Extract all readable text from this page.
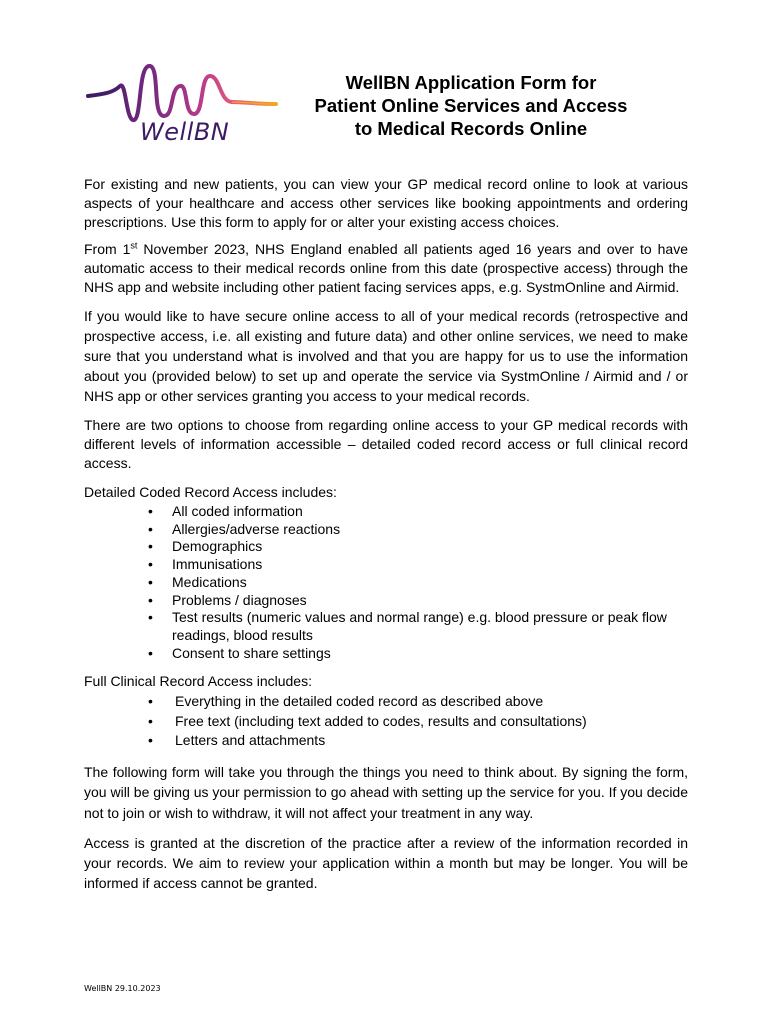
WellBN
WellBN Application Form for
Patient Online Services and Access
to Medical Records Online

For existing and new patients, you can view your GP medical record online to look at various aspects of your healthcare and access other services like booking appointments and ordering prescriptions. Use this form to apply for or alter your existing access choices.

From 1st November 2023, NHS England enabled all patients aged 16 years and over to have automatic access to their medical records online from this date (prospective access) through the NHS app and website including other patient facing services apps, e.g. SystmOnline and Airmid.

If you would like to have secure online access to all of your medical records (retrospective and prospective access, i.e. all existing and future data) and other online services, we need to make sure that you understand what is involved and that you are happy for us to use the information about you (provided below) to set up and operate the service via SystmOnline / Airmid and / or NHS app or other services granting you access to your medical records.

There are two options to choose from regarding online access to your GP medical records with different levels of information accessible – detailed coded record access or full clinical record access.

Detailed Coded Record Access includes:

• All coded information
• Allergies/adverse reactions
• Demographics
• Immunisations
• Medications
• Problems / diagnoses
• Test results (numeric values and normal range) e.g. blood pressure or peak flow readings, blood results
• Consent to share settings

Full Clinical Record Access includes:

• Everything in the detailed coded record as described above
• Free text (including text added to codes, results and consultations)
• Letters and attachments

The following form will take you through the things you need to think about. By signing the form, you will be giving us your permission to go ahead with setting up the service for you. If you decide not to join or wish to withdraw, it will not affect your treatment in any way.

Access is granted at the discretion of the practice after a review of the information recorded in your records. We aim to review your application within a month but may be longer. You will be informed if access cannot be granted.

WellBN 29.10.2023
